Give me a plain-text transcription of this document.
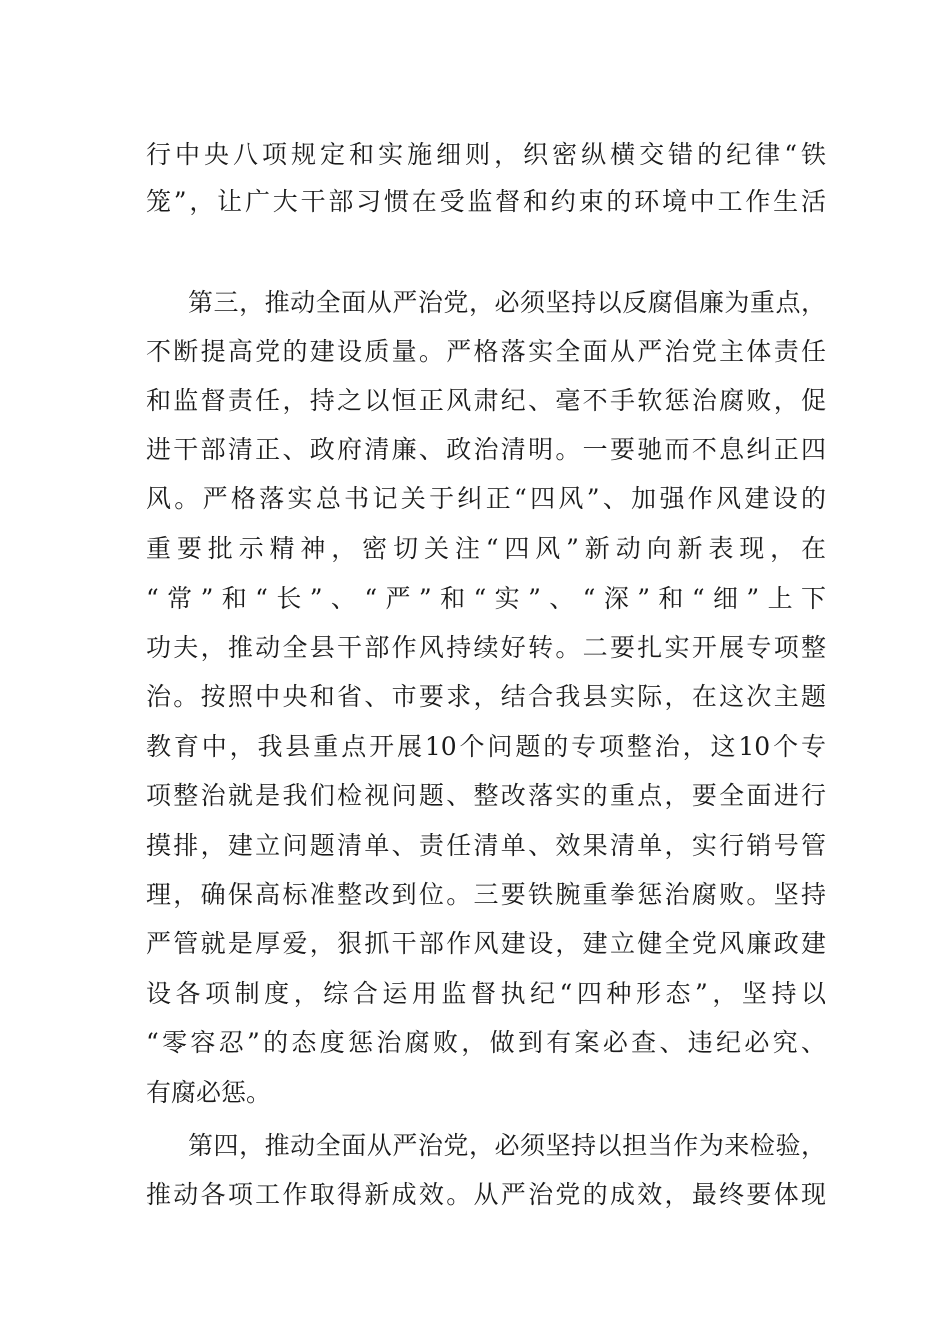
行中央八项规定和实施细则，织密纵横交错的纪律“铁
笼”，让广大干部习惯在受监督和约束的环境中工作生活
第三，推动全面从严治党，必须坚持以反腐倡廉为重点，
不断提高党的建设质量。严格落实全面从严治党主体责任
和监督责任，持之以恒正风肃纪、毫不手软惩治腐败，促
进干部清正、政府清廉、政治清明。一要驰而不息纠正四
风。严格落实总书记关于纠正“四风”、加强作风建设的
重要批示精神，密切关注“四风”新动向新表现，在
“常”和“长”、“严”和“实”、“深”和“细”上下
功夫，推动全县干部作风持续好转。二要扎实开展专项整
治。按照中央和省、市要求，结合我县实际，在这次主题
教育中，我县重点开展10个问题的专项整治，这10个专
项整治就是我们检视问题、整改落实的重点，要全面进行
摸排，建立问题清单、责任清单、效果清单，实行销号管
理，确保高标准整改到位。三要铁腕重拳惩治腐败。坚持
严管就是厚爱，狠抓干部作风建设，建立健全党风廉政建
设各项制度，综合运用监督执纪“四种形态”，坚持以
“零容忍”的态度惩治腐败，做到有案必查、违纪必究、
有腐必惩。
第四，推动全面从严治党，必须坚持以担当作为来检验，
推动各项工作取得新成效。从严治党的成效，最终要体现
